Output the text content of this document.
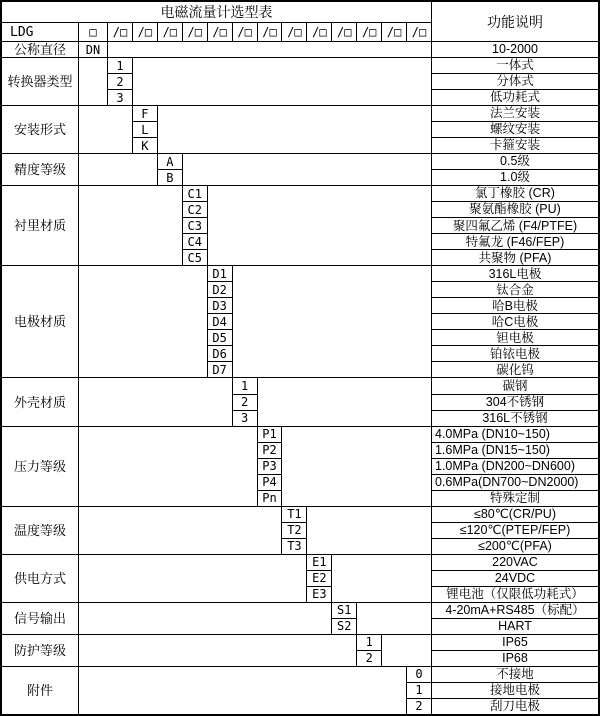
电磁流量计选型表
功能说明
LDG	□	/□ /□ /□ /□ /□ /□ /□ /□ /□ /□ /□ /□ /□
公称直径	DN	10-2000
转换器类型
1	一体式
2	分体式
3	低功耗式
安装形式
F	法兰安装
L	螺纹安装
K	卡箍安装
精度等级
A	0.5级
B	1.0级
衬里材质
C1	氯丁橡胶 (CR)
C2	聚氨酯橡胶 (PU)
C3	聚四氟乙烯 (F4/PTFE)
C4	特氟龙 (F46/FEP)
C5	共聚物 (PFA)
电极材质
D1	316L电极
D2	钛合金
D3	哈B电极
D4	哈C电极
D5	钽电极
D6	铂铱电极
D7	碳化钨
外壳材质
1	碳钢
2	304不锈钢
3	316L不锈钢
压力等级
P1	4.0MPa (DN10~150)
P2	1.6MPa (DN15~150)
P3	1.0MPa (DN200~DN600)
P4	0.6MPa(DN700~DN2000)
Pn	特殊定制
温度等级
T1	≤80℃(CR/PU)
T2	≤120℃(PTEP/FEP)
T3	≤200℃(PFA)
供电方式
E1	220VAC
E2	24VDC
E3	锂电池（仅限低功耗式）
信号输出
S1	4-20mA+RS485（标配）
S2	HART
防护等级
1	IP65
2	IP68
附件
0	不接地
1	接地电极
2	刮刀电极
